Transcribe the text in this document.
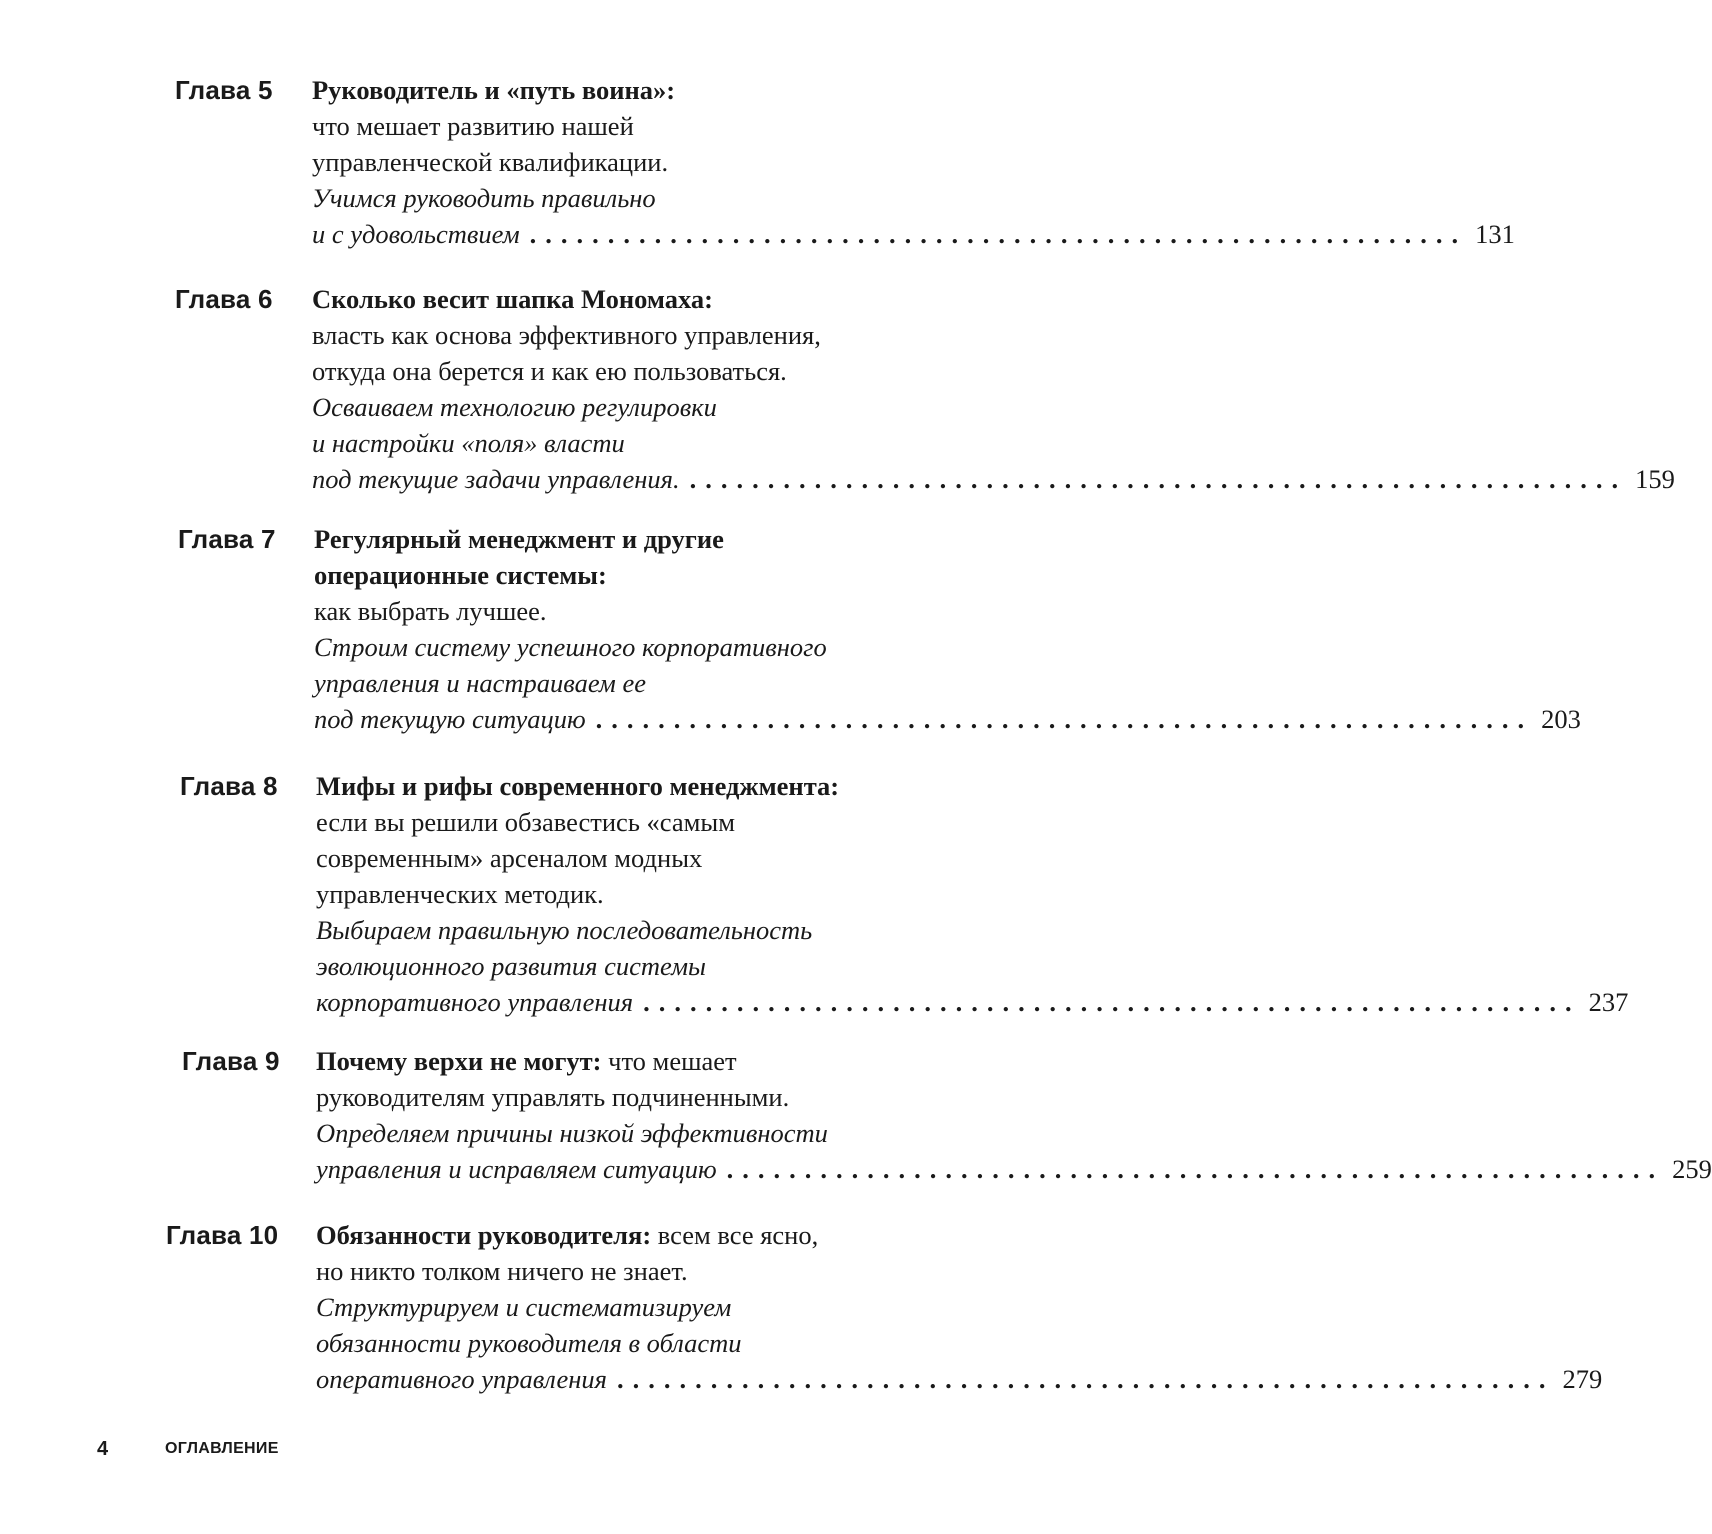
Глава 5 Руководитель и «путь воина»:
что мешает развитию нашей
управленческой квалификации.
Учимся руководить правильно
и с удовольствием ............................................................ 131
Глава 6 Сколько весит шапка Мономаха:
власть как основа эффективного управления,
откуда она берется и как ею пользоваться.
Осваиваем технологию регулировки
и настройки «поля» власти
под текущие задачи управления. ............................................................ 159
Глава 7 Регулярный менеджмент и другие
операционные системы:
как выбрать лучшее.
Строим систему успешного корпоративного
управления и настраиваем ее
под текущую ситуацию ............................................................ 203
Глава 8 Мифы и рифы современного менеджмента:
если вы решили обзавестись «самым
современным» арсеналом модных
управленческих методик.
Выбираем правильную последовательность
эволюционного развития системы
корпоративного управления ............................................................ 237
Глава 9 Почему верхи не могут: что мешает
руководителям управлять подчиненными.
Определяем причины низкой эффективности
управления и исправляем ситуацию ............................................................ 259
Глава 10 Обязанности руководителя: всем все ясно,
но никто толком ничего не знает.
Структурируем и систематизируем
обязанности руководителя в области
оперативного управления ............................................................ 279
4	ОГЛАВЛЕНИЕ
